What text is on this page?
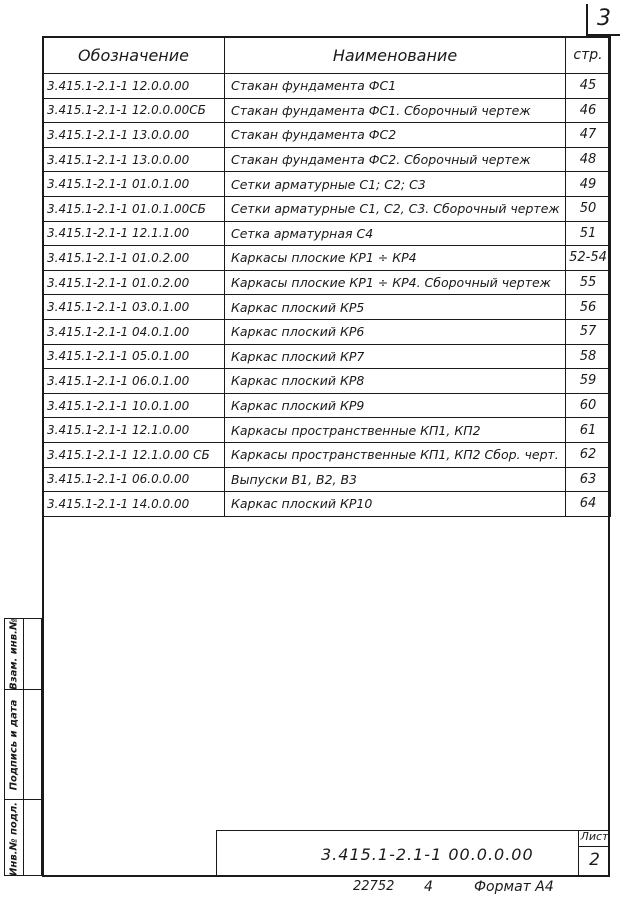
3
Обозначение	Наименование	стр.
3.415.1-2.1-1 12.0.0.00	Стакан фундамента ФС1	45
3.415.1-2.1-1 12.0.0.00СБ	Стакан фундамента ФС1. Сборочный чертеж	46
3.415.1-2.1-1 13.0.0.00	Стакан фундамента ФС2	47
3.415.1-2.1-1 13.0.0.00	Стакан фундамента ФС2. Сборочный чертеж	48
3.415.1-2.1-1 01.0.1.00	Сетки арматурные С1; С2; С3	49
3.415.1-2.1-1 01.0.1.00СБ	Сетки арматурные С1, С2, С3. Сборочный чертеж	50
3.415.1-2.1-1 12.1.1.00	Сетка арматурная С4	51
3.415.1-2.1-1 01.0.2.00	Каркасы плоские КР1 ÷ КР4	52-54
3.415.1-2.1-1 01.0.2.00	Каркасы плоские КР1 ÷ КР4. Сборочный чертеж	55
3.415.1-2.1-1 03.0.1.00	Каркас плоский КР5	56
3.415.1-2.1-1 04.0.1.00	Каркас плоский КР6	57
3.415.1-2.1-1 05.0.1.00	Каркас плоский КР7	58
3.415.1-2.1-1 06.0.1.00	Каркас плоский КР8	59
3.415.1-2.1-1 10.0.1.00	Каркас плоский КР9	60
3.415.1-2.1-1 12.1.0.00	Каркасы пространственные КП1, КП2	61
3.415.1-2.1-1 12.1.0.00 СБ	Каркасы пространственные КП1, КП2 Сбор. черт.	62
3.415.1-2.1-1 06.0.0.00	Выпуски В1, В2, В3	63
3.415.1-2.1-1 14.0.0.00	Каркас плоский КР10	64
Взам. инв.№
Подпись и дата
Инв.№ подл.	3.415.1-2.1-1 00.0.0.00
Лист
2
22752 4	Формат А4
